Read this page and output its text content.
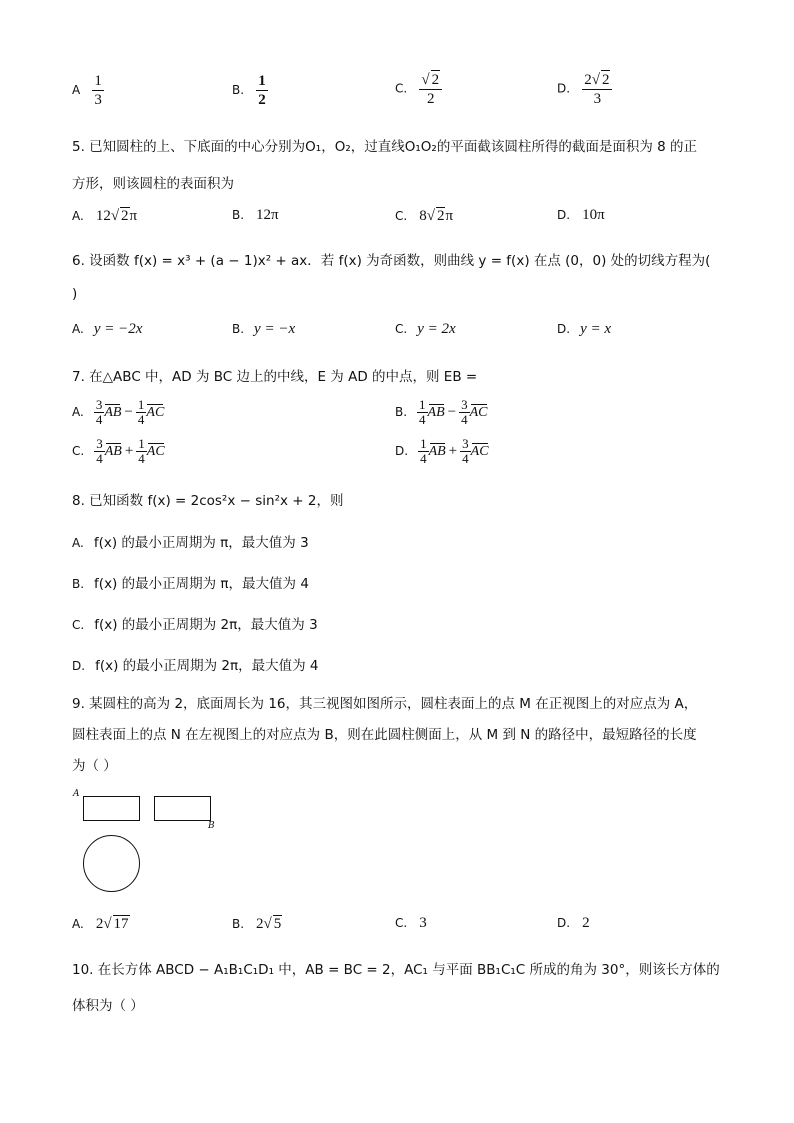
A $\frac{1}{3}$	B. $\frac{1}{2}$	C. $\frac{√ 2}{2}$	D. $\frac{2√ 2}{3}$
5. 已知圆柱的上、下底面的中心分别为O₁，O₂，过直线O₁O₂的平面截该圆柱所得的截面是面积为 8 的正
方形，则该圆柱的表面积为
A. 12√ 2π	B. 12π	C. 8√ 2π	D. 10π
6. 设函数 f(x) = x³ + (a − 1)x² + ax．若 f(x) 为奇函数，则曲线 y = f(x) 在点 (0，0) 处的切线方程为(
)
A. y = −2x	B. y = −x	C. y = 2x	D. y = x
7. 在△ABC 中，AD 为 BC 边上的中线，E 为 AD 的中点，则 EB =
A. $\frac{3}{4}$ AB − $\frac{1}{4}$ AC	B. $\frac{1}{4}$ AB − $\frac{3}{4}$ AC
C. $\frac{3}{4}$ AB + $\frac{1}{4}$ AC	D. $\frac{1}{4}$ AB + $\frac{3}{4}$ AC
8. 已知函数 f(x) = 2cos²x − sin²x + 2，则
A. f(x) 的最小正周期为 π，最大值为 3
B. f(x) 的最小正周期为 π，最大值为 4
C. f(x) 的最小正周期为 2π，最大值为 3
D. f(x) 的最小正周期为 2π，最大值为 4
9. 某圆柱的高为 2，底面周长为 16，其三视图如图所示，圆柱表面上的点 M 在正视图上的对应点为 A，
圆柱表面上的点 N 在左视图上的对应点为 B，则在此圆柱侧面上，从 M 到 N 的路径中，最短路径的长度
为（ ）
A
B
A. 2√ 17	B. 2√ 5	C. 3	D. 2
10. 在长方体 ABCD − A₁B₁C₁D₁ 中，AB = BC = 2，AC₁ 与平面 BB₁C₁C 所成的角为 30°，则该长方体的
体积为（ ）
